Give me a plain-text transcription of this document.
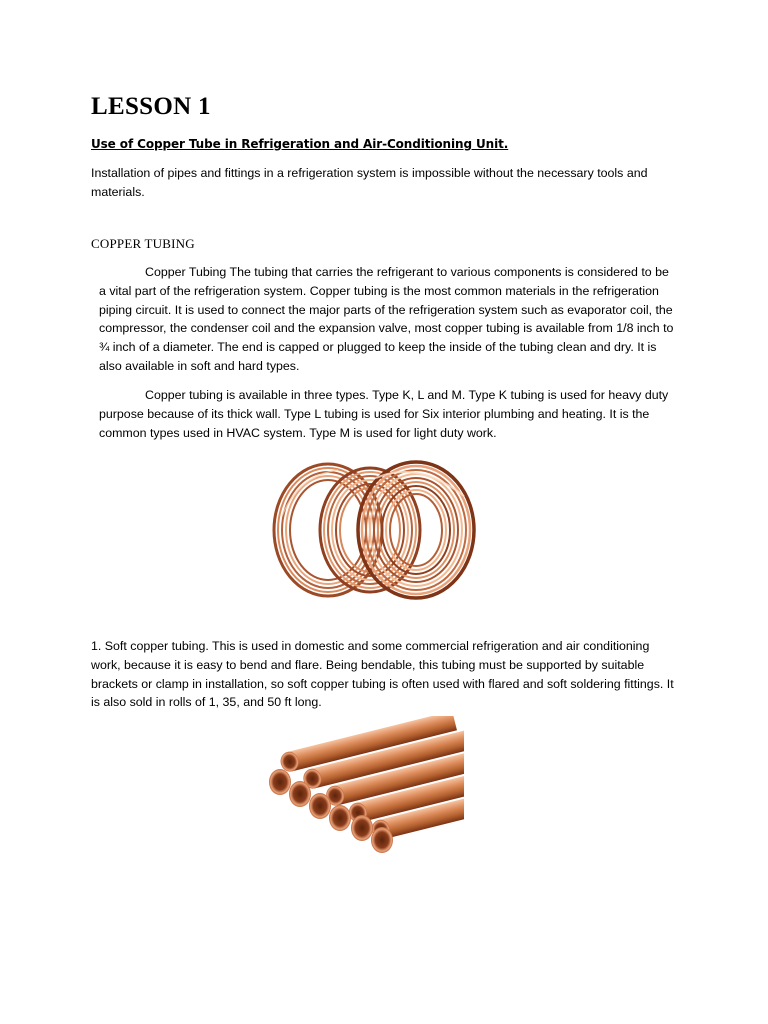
LESSON 1

Use of Copper Tube in Refrigeration and Air-Conditioning Unit.

Installation of pipes and fittings in a refrigeration system is impossible without the necessary tools and materials.

COPPER TUBING

Copper Tubing The tubing that carries the refrigerant to various components is considered to be a vital part of the refrigeration system. Copper tubing is the most common materials in the refrigeration piping circuit. It is used to connect the major parts of the refrigeration system such as evaporator coil, the compressor, the condenser coil and the expansion valve, most copper tubing is available from 1/8 inch to ¾ inch of a diameter. The end is capped or plugged to keep the inside of the tubing clean and dry. It is also available in soft and hard types.

Copper tubing is available in three types. Type K, L and M. Type K tubing is used for heavy duty purpose because of its thick wall. Type L tubing is used for Six interior plumbing and heating. It is the common types used in HVAC system. Type M is used for light duty work.

1. Soft copper tubing. This is used in domestic and some commercial refrigeration and air conditioning work, because it is easy to bend and flare. Being bendable, this tubing must be supported by suitable brackets or clamp in installation, so soft copper tubing is often used with flared and soft soldering fittings. It is also sold in rolls of 1, 35, and 50 ft long.
